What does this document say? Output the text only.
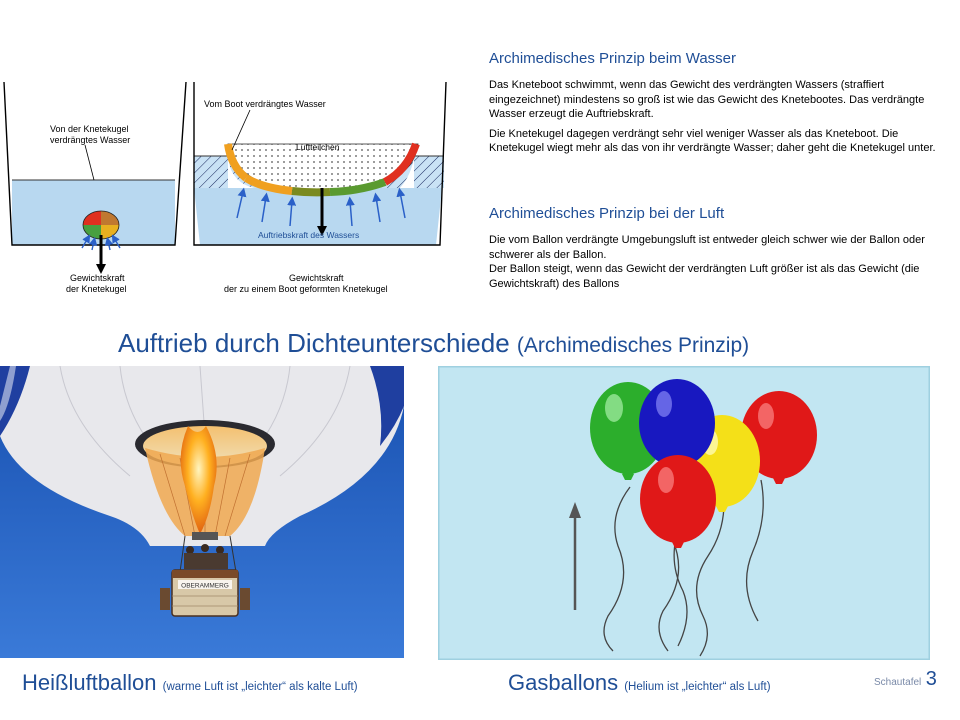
Von der Knetekugel
verdrängtes Wasser
Gewichtskraft
der Knetekugel
Vom Boot verdrängtes Wasser
Luftteilchen
Auftriebskraft des Wassers
Gewichtskraft
der zu einem Boot geformten Knetekugel
Archimedisches Prinzip beim Wasser

Das Kneteboot schwimmt, wenn das Gewicht des verdrängten Wassers (straffiert eingezeichnet) mindestens so groß ist wie das Gewicht des Knetebootes. Das verdrängte Wasser erzeugt die Auftriebskraft.

Die Knetekugel dagegen verdrängt sehr viel weniger Wasser als das Kneteboot. Die Knetekugel wiegt mehr als das von ihr verdrängte Wasser; daher geht die Knetekugel unter.

Archimedisches Prinzip bei der Luft
Die vom Ballon verdrängte Umgebungsluft ist entweder gleich schwer wie der Ballon oder schwerer als der Ballon.
Der Ballon steigt, wenn das Gewicht der verdrängten Luft größer ist als das Gewicht (die Gewichtskraft) des Ballons
Auftrieb durch Dichteunterschiede (Archimedisches Prinzip)
OBERAMMERG
Heißluftballon (warme Luft ist „leichter“ als kalte Luft)	Gasballons (Helium ist „leichter“ als Luft)	Schautafel 3
